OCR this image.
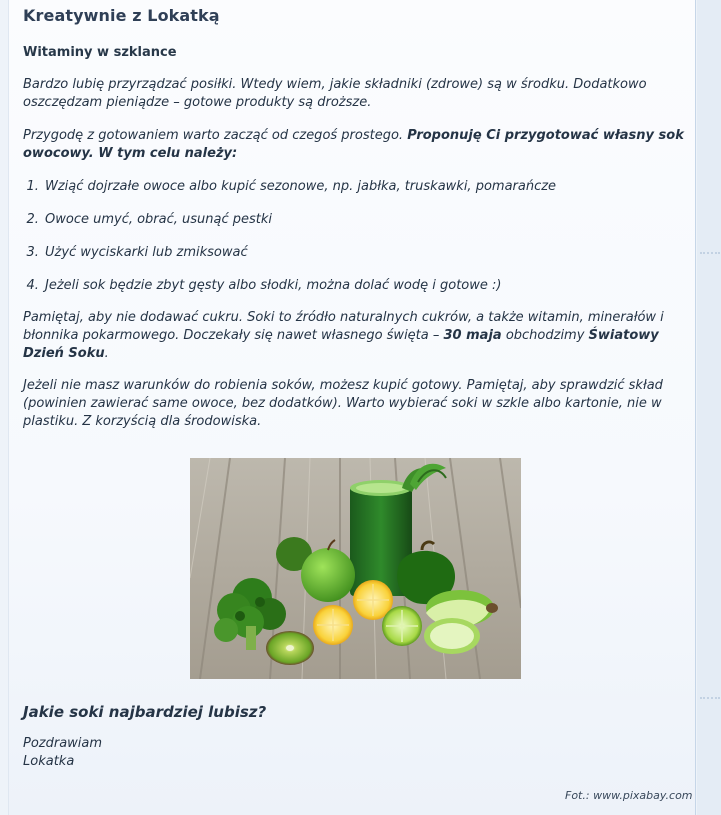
Kreatywnie z Lokatką
Witaminy w szklance
Bardzo lubię przyrządzać posiłki. Wtedy wiem, jakie składniki (zdrowe) są w środku. Dodatkowo oszczędzam pieniądze – gotowe produkty są droższe.
Przygodę z gotowaniem warto zacząć od czegoś prostego. Proponuję Ci przygotować własny sok owocowy. W tym celu należy:
1. Wziąć dojrzałe owoce albo kupić sezonowe, np. jabłka, truskawki, pomarańcze
2. Owoce umyć, obrać, usunąć pestki
3. Użyć wyciskarki lub zmiksować
4. Jeżeli sok będzie zbyt gęsty albo słodki, można dolać wodę i gotowe :)
Pamiętaj, aby nie dodawać cukru. Soki to źródło naturalnych cukrów, a także witamin, minerałów i błonnika pokarmowego. Doczekały się nawet własnego święta – 30 maja obchodzimy Światowy Dzień Soku.
Jeżeli nie masz warunków do robienia soków, możesz kupić gotowy. Pamiętaj, aby sprawdzić skład (powinien zawierać same owoce, bez dodatków). Warto wybierać soki w szkle albo kartonie, nie w plastiku. Z korzyścią dla środowiska.
Jakie soki najbardziej lubisz?
Pozdrawiam
Lokatka
Fot.: www.pixabay.com
